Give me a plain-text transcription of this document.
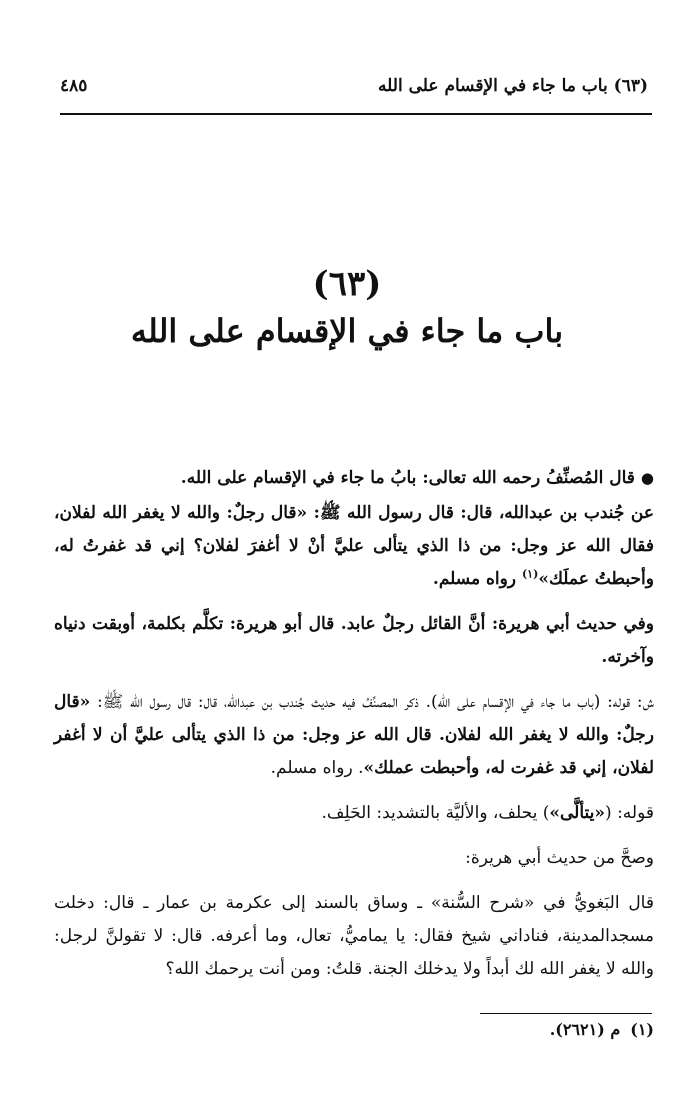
(٦٣) باب ما جاء في الإقسام على الله
٤٨٥
(٦٣)
باب ما جاء في الإقسام على الله

●قال المُصنِّفُ رحمه الله تعالى: بابُ ما جاء في الإقسام على الله.

عن جُندب بن عبدالله، قال: قال رسول الله ﷺ: «قال رجلٌ: والله لا يغفر الله لفلان، فقال الله عز وجل: من ذا الذي يتألى عليَّ أنْ لا أغفرَ لفلان؟ إني قد غفرتُ له، وأحبطتُ عملَك»$^{(١)}$ رواه مسلم.

وفي حديث أبي هريرة: أنَّ القائل رجلٌ عابد. قال أبو هريرة: تكلَّم بكلمة، أوبقت دنياه وآخرته.

ش: قوله: (باب ما جاء في الإقسام على الله). ذكر المصنِّفُ فيه حديث جُندب بن عبدالله، قال: قال رسول الله ﷺ: «قال رجلٌ: والله لا يغفر الله لفلان. قال الله عز وجل: من ذا الذي يتألى عليَّ أن لا أغفر لفلان، إني قد غفرت له، وأحبطت عملك». رواه مسلم.

قوله: («يتألَّى») يحلف، والأليَّة بالتشديد: الحَلِف.

وصحَّ من حديث أبي هريرة:

قال البَغويُّ في «شرح السُّنة» ـ وساق بالسند إلى عكرمة بن عمار ـ قال: دخلت مسجدالمدينة، فناداني شيخ فقال: يا يماميُّ، تعال، وما أعرفه. قال: لا تقولنَّ لرجل: والله لا يغفر الله لك أبداً ولا يدخلك الجنة. قلتُ: ومن أنت يرحمك الله؟

(١)م (٢٦٢١).
